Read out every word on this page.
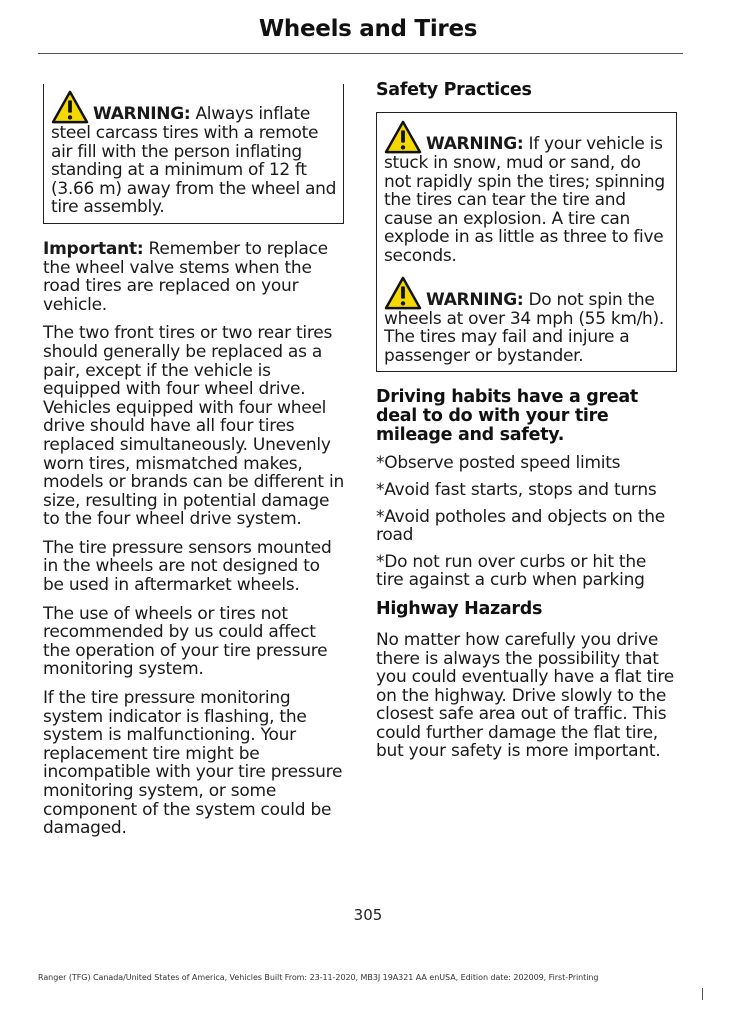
Wheels and Tires

WARNING: Always inflate steel carcass tires with a remote air fill with the person inflating standing at a minimum of 12 ft (3.66 m) away from the wheel and tire assembly.

Important: Remember to replace the wheel valve stems when the road tires are replaced on your vehicle.

The two front tires or two rear tires should generally be replaced as a pair, except if the vehicle is equipped with four wheel drive. Vehicles equipped with four wheel drive should have all four tires replaced simultaneously. Unevenly worn tires, mismatched makes, models or brands can be different in size, resulting in potential damage to the four wheel drive system.

The tire pressure sensors mounted in the wheels are not designed to be used in aftermarket wheels.

The use of wheels or tires not recommended by us could affect the operation of your tire pressure monitoring system.

If the tire pressure monitoring system indicator is flashing, the system is malfunctioning. Your replacement tire might be incompatible with your tire pressure monitoring system, or some component of the system could be damaged.

Safety Practices

WARNING: If your vehicle is stuck in snow, mud or sand, do not rapidly spin the tires; spinning the tires can tear the tire and cause an explosion. A tire can explode in as little as three to five seconds.

WARNING: Do not spin the wheels at over 34 mph (55 km/h). The tires may fail and injure a passenger or bystander.

Driving habits have a great deal to do with your tire mileage and safety.

*Observe posted speed limits

*Avoid fast starts, stops and turns

*Avoid potholes and objects on the road

*Do not run over curbs or hit the tire against a curb when parking

Highway Hazards

No matter how carefully you drive there is always the possibility that you could eventually have a flat tire on the highway. Drive slowly to the closest safe area out of traffic. This could further damage the flat tire, but your safety is more important.

305
Ranger (TFG) Canada/United States of America, Vehicles Built From: 23-11-2020, MB3J 19A321 AA enUSA, Edition date: 202009, First-Printing
